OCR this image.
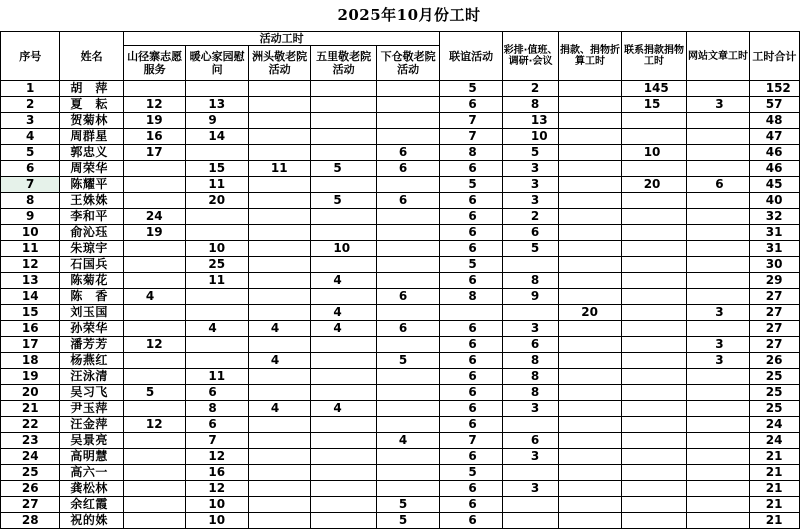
2025年10月份工时
序号	姓名	活动工时					联谊活动	彩排·值班、调研·会议	捐款、捐物折算工时	联系捐款捐物工时	网站文章工时	工时合计
		山径寨志愿服务	暖心家园慰问	洲头敬老院活动	五里敬老院活动	下仓敬老院活动						
1	胡　萍						5	2		145		152
2	夏　耘	12	13				6	8		15	3	57
3	贺菊林	19	9				7	13				48
4	周群星	16	14				7	10				47
5	郭忠义	17				6	8	5		10		46
6	周荣华		15	11	5	6	6	3				46
7	陈耀平		11				5	3		20	6	45
8	王姝姝		20		5	6	6	3				40
9	李和平	24					6	2				32
10	俞沁珏	19					6	6				31
11	朱琼宇		10		10		6	5				31
12	石国兵		25				5					30
13	陈菊花		11		4		6	8				29
14	陈　香	4				6	8	9				27
15	刘玉国				4				20		3	27
16	孙荣华		4	4	4	6	6	3				27
17	潘芳芳	12					6	6			3	27
18	杨燕红			4		5	6	8			3	26
19	汪泳清		11				6	8				25
20	吴习飞	5	6				6	8				25
21	尹玉萍		8	4	4		6	3				25
22	汪金萍	12	6				6					24
23	吴景亮		7			4	7	6				24
24	高明慧		12				6	3				21
25	高六一		16				5					21
26	龚松林		12				6	3				21
27	余红霞		10			5	6					21
28	祝的姝		10			5	6					21
